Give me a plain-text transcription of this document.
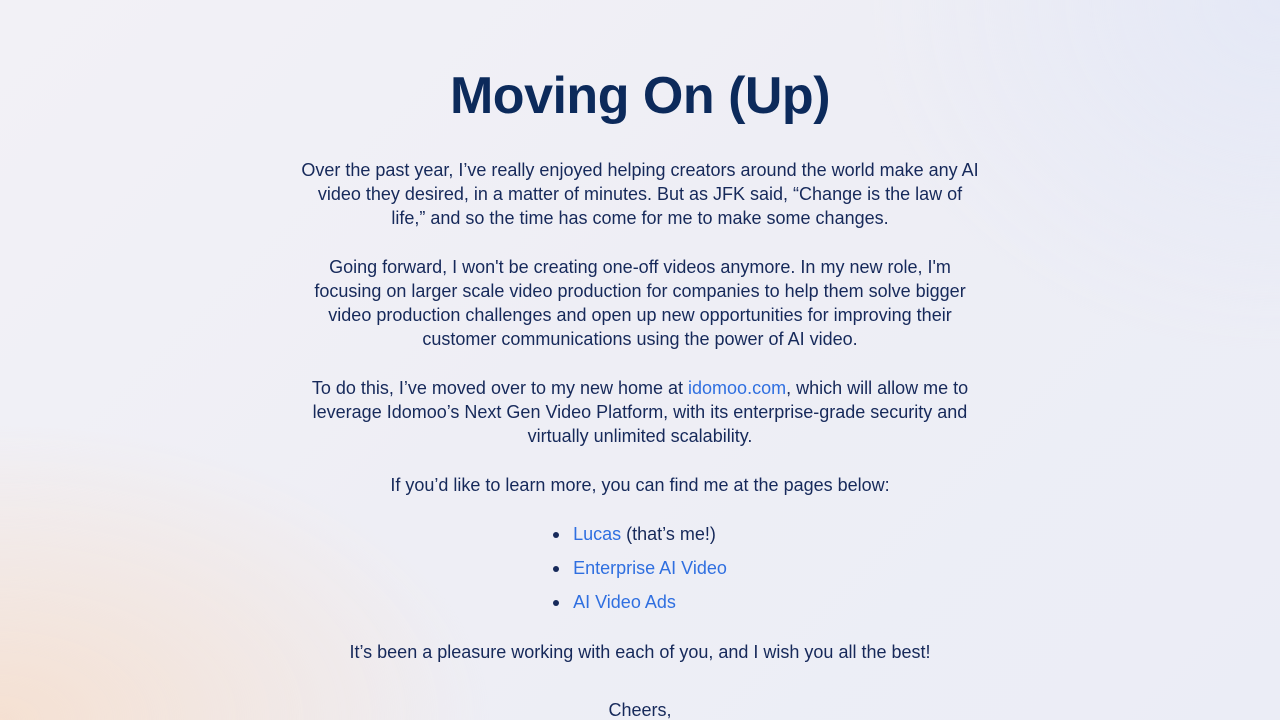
Moving On (Up)

Over the past year, I’ve really enjoyed helping creators around the world make any AI video they desired, in a matter of minutes. But as JFK said, “Change is the law of life,” and so the time has come for me to make some changes.

Going forward, I won't be creating one-off videos anymore. In my new role, I'm focusing on larger scale video production for companies to help them solve bigger video production challenges and open up new opportunities for improving their customer communications using the power of AI video.

To do this, I’ve moved over to my new home at idomoo.com, which will allow me to leverage Idomoo’s Next Gen Video Platform, with its enterprise-grade security and virtually unlimited scalability.

If you’d like to learn more, you can find me at the pages below:

Lucas (that’s me!)
Enterprise AI Video
AI Video Ads

It’s been a pleasure working with each of you, and I wish you all the best!

Cheers,
